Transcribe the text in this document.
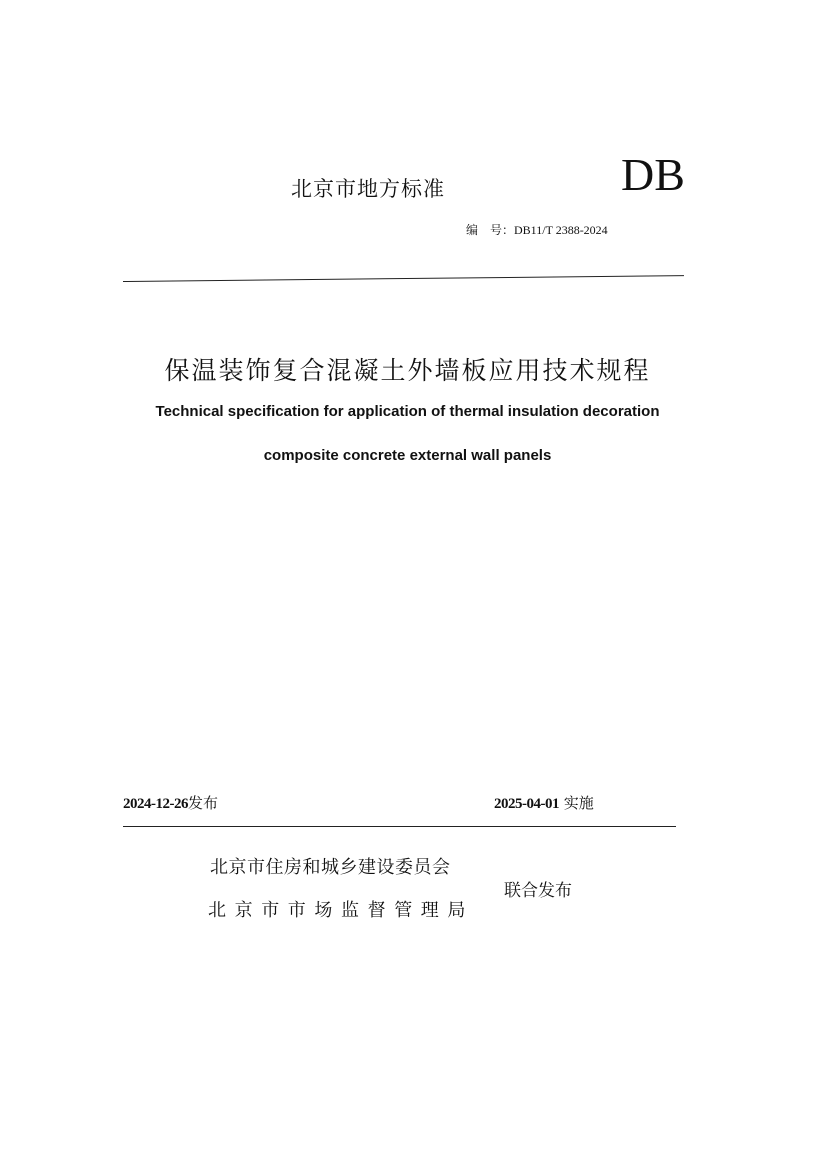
北京市地方标准	DB
编　号：DB11/T 2388-2024
保温装饰复合混凝土外墙板应用技术规程
Technical specification for application of thermal insulation decoration
composite concrete external wall panels
2024-12-26发布	2025-04-01 实施
北京市住房和城乡建设委员会
北京市市场监督管理局
联合发布
